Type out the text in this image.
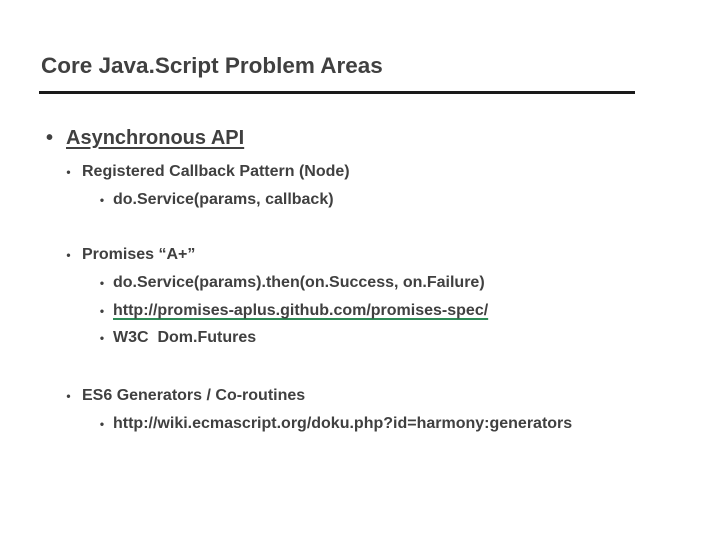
Core Java.Script Problem Areas
• Asynchronous API
• Registered Callback Pattern (Node)
• do.Service(params, callback)
• Promises “A+”
• do.Service(params).then(on.Success, on.Failure)
• http://promises-aplus.github.com/promises-spec/
• W3C  Dom.Futures
• ES6 Generators / Co-routines
• http://wiki.ecmascript.org/doku.php?id=harmony:generators
